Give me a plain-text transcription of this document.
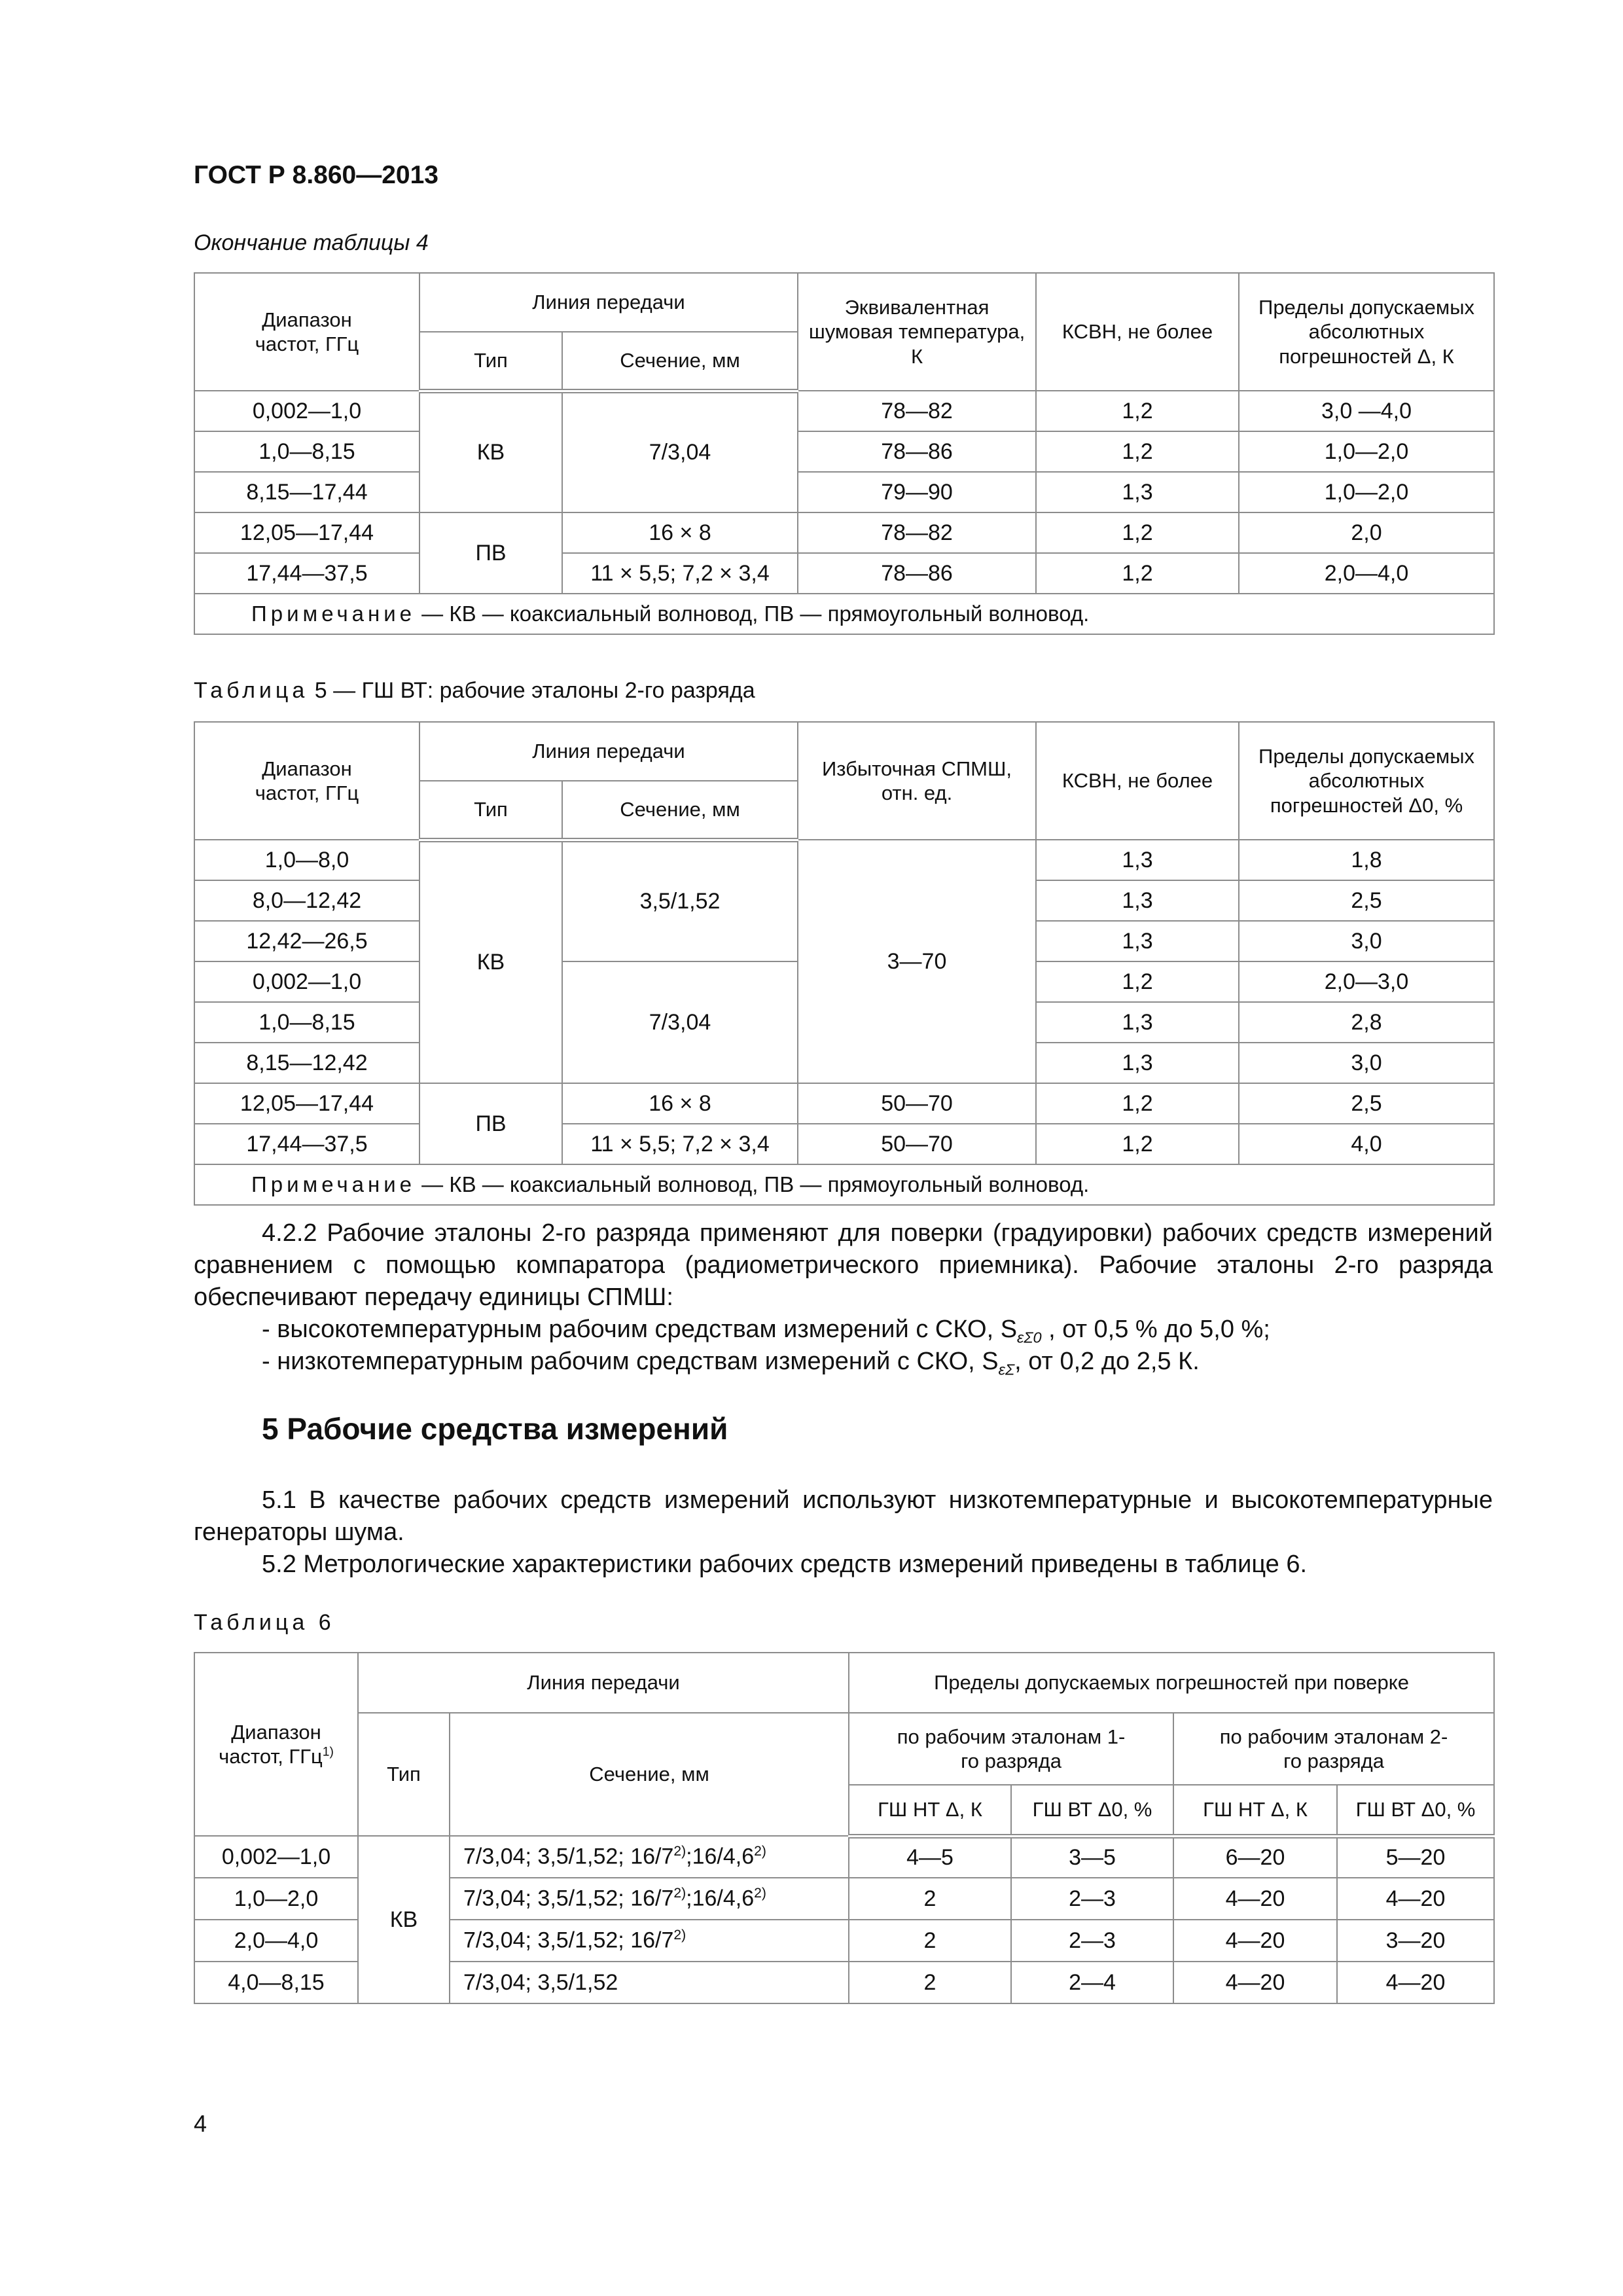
ГОСТ Р 8.860—2013
Окончание таблицы 4
Диапазон частот, ГГц	Линия передачи		Эквивалентная шумовая температура, К	КСВН, не более	Пределы допускаемых абсолютных погрешностей Δ, К
	Тип	Сечение, мм			
0,002—1,0	КВ	7/3,04	78—82	1,2	3,0 —4,0
1,0—8,15			78—86	1,2	1,0—2,0
8,15—17,44			79—90	1,3	1,0—2,0
12,05—17,44	ПВ	16 × 8	78—82	1,2	2,0
17,44—37,5		11 × 5,5; 7,2 × 3,4	78—86	1,2	2,0—4,0
Примечание — КВ — коаксиальный волновод, ПВ — прямоугольный волновод.					
Таблица 5 — ГШ ВТ: рабочие эталоны 2-го разряда
Диапазон частот, ГГц	Линия передачи		Избыточная СПМШ, отн. ед.	КСВН, не более	Пределы допускаемых абсолютных погрешностей Δ0, %
	Тип	Сечение, мм			
1,0—8,0	КВ	3,5/1,52	3—70	1,3	1,8
8,0—12,42				1,3	2,5
12,42—26,5				1,3	3,0
0,002—1,0		7/3,04		1,2	2,0—3,0
1,0—8,15				1,3	2,8
8,15—12,42				1,3	3,0
12,05—17,44	ПВ	16 × 8	50—70	1,2	2,5
17,44—37,5		11 × 5,5; 7,2 × 3,4	50—70	1,2	4,0
Примечание — КВ — коаксиальный волновод, ПВ — прямоугольный волновод.					
4.2.2 Рабочие эталоны 2-го разряда применяют для поверки (градуировки) рабочих средств измерений сравнением с помощью компаратора (радиометрического приемника). Рабочие эталоны 2-го разряда обеспечивают передачу единицы СПМШ:
- высокотемпературным рабочим средствам измерений с СКО, $S_{\varepsilon\Sigma 0}$ , от 0,5 % до 5,0 %;
- низкотемпературным рабочим средствам измерений с СКО, $S_{\varepsilon\Sigma}$, от 0,2 до 2,5 К.
5 Рабочие средства измерений
5.1 В качестве рабочих средств измерений используют низкотемпературные и высокотемпературные генераторы шума.
5.2 Метрологические характеристики рабочих средств измерений приведены в таблице 6.
Таблица 6
Диапазон частот, ГГц$^{1)}$	Линия передачи		Пределы допускаемых погрешностей при поверке			
	Тип	Сечение, мм	по рабочим эталонам 1-го разряда		по рабочим эталонам 2-го разряда	
			ГШ НТ Δ, К	ГШ ВТ Δ0, %	ГШ НТ Δ, К	ГШ ВТ Δ0, %
0,002—1,0	КВ	7/3,04; 3,5/1,52; 16/7$^{2)}$;16/4,6$^{2)}$	4—5	3—5	6—20	5—20
1,0—2,0		7/3,04; 3,5/1,52; 16/7$^{2)}$;16/4,6$^{2)}$	2	2—3	4—20	4—20
2,0—4,0		7/3,04; 3,5/1,52; 16/7$^{2)}$	2	2—3	4—20	3—20
4,0—8,15		7/3,04; 3,5/1,52	2	2—4	4—20	4—20
4
